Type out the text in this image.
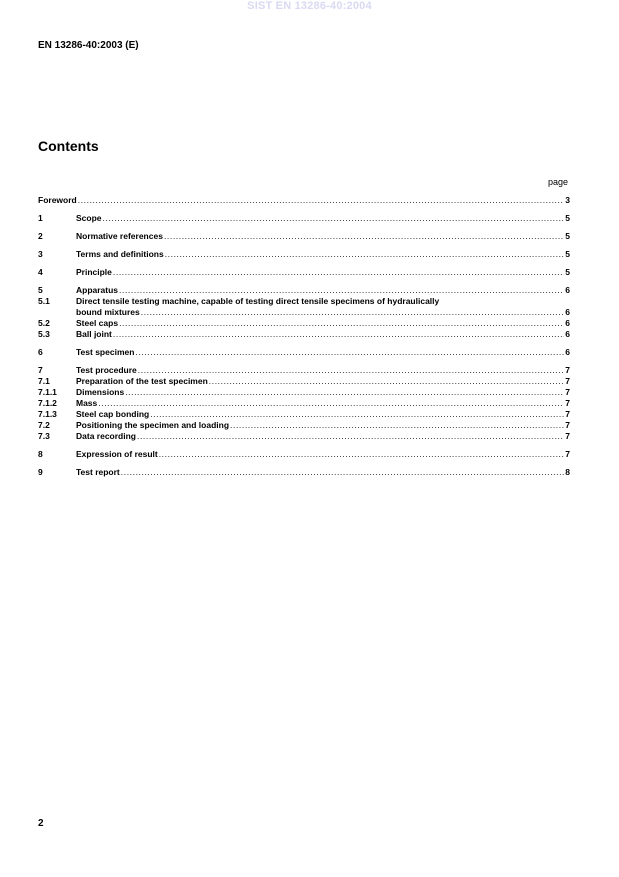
SIST EN 13286-40:2004
EN 13286-40:2003 (E)
Contents
page
Foreword .....	3
1	Scope .....	5
2	Normative references .....	5
3	Terms and definitions .....	5
4	Principle .....	5
5	Apparatus .....	6
5.1	Direct tensile testing machine, capable of testing direct tensile specimens of hydraulically
bound mixtures .....	6
5.2	Steel caps .....	6
5.3	Ball joint .....	6
6	Test specimen .....	6
7	Test procedure .....	7
7.1	Preparation of the test specimen .....	7
7.1.1	Dimensions .....	7
7.1.2	Mass .....	7
7.1.3	Steel cap bonding .....	7
7.2	Positioning the specimen and loading .....	7
7.3	Data recording .....	7
8	Expression of result .....	7
9	Test report .....	8
2
